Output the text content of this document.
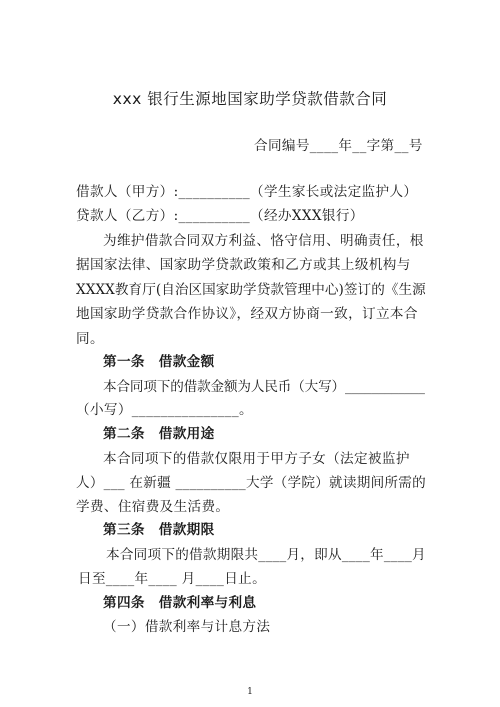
xxx 银行生源地国家助学贷款借款合同
合同编号____年__字第__号
借款人（甲方）:__________（学生家长或法定监护人）
贷款人（乙方）:__________（经办XXX银行）
为维护借款合同双方利益、恪守信用、明确责任，根
据国家法律、国家助学贷款政策和乙方或其上级机构与
XXXX教育厅(自治区国家助学贷款管理中心)签订的《生源
地国家助学贷款合作协议》，经双方协商一致，订立本合
同。
第一条　借款金额
本合同项下的借款金额为人民币（大写）____________
（小写）_______________。
第二条　借款用途
本合同项下的借款仅限用于甲方子女（法定被监护
人）___ 在新疆 __________大学（学院）就读期间所需的
学费、住宿费及生活费。
第三条　借款期限
本合同项下的借款期限共____月，即从____年____月
日至____年____ 月____日止。
第四条　借款利率与利息
（一）借款利率与计息方法
1
